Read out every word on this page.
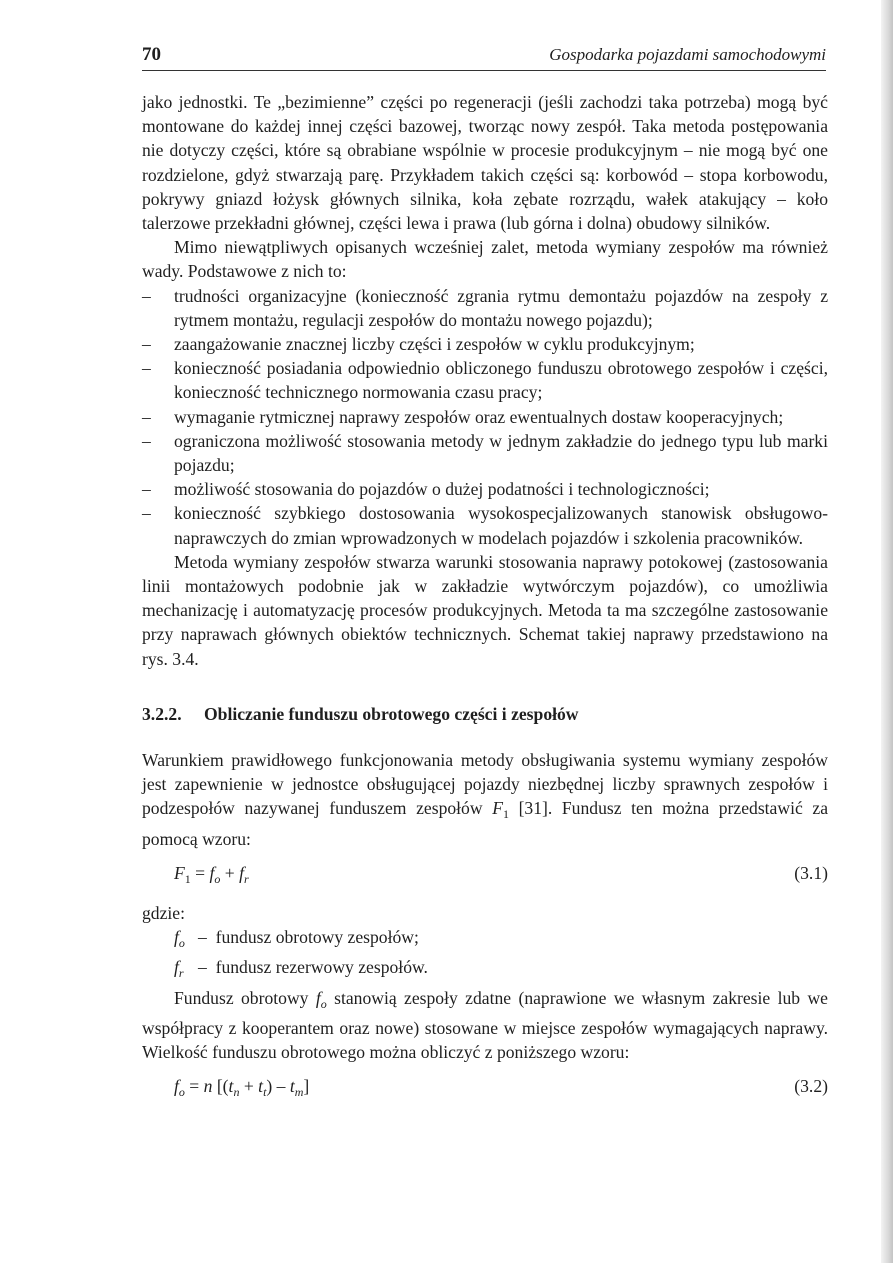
70	Gospodarka pojazdami samochodowymi

jako jednostki. Te „bezimienne” części po regeneracji (jeśli zachodzi taka potrzeba) mogą być montowane do każdej innej części bazowej, tworząc nowy zespół. Taka metoda postępowania nie dotyczy części, które są obrabiane wspólnie w procesie produkcyjnym – nie mogą być one rozdzielone, gdyż stwarzają parę. Przykładem takich części są: korbowód – stopa korbowodu, pokrywy gniazd łożysk głównych silnika, koła zębate rozrządu, wałek atakujący – koło talerzowe przekładni głównej, części lewa i prawa (lub górna i dolna) obudowy silników.

Mimo niewątpliwych opisanych wcześniej zalet, metoda wymiany zespołów ma również wady. Podstawowe z nich to:

– trudności organizacyjne (konieczność zgrania rytmu demontażu pojazdów na zespoły z rytmem montażu, regulacji zespołów do montażu nowego pojazdu);
– zaangażowanie znacznej liczby części i zespołów w cyklu produkcyjnym;
– konieczność posiadania odpowiednio obliczonego funduszu obrotowego zespołów i części, konieczność technicznego normowania czasu pracy;
– wymaganie rytmicznej naprawy zespołów oraz ewentualnych dostaw kooperacyjnych;
– ograniczona możliwość stosowania metody w jednym zakładzie do jednego typu lub marki pojazdu;
– możliwość stosowania do pojazdów o dużej podatności i technologiczności;
– konieczność szybkiego dostosowania wysokospecjalizowanych stanowisk obsługowo-naprawczych do zmian wprowadzonych w modelach pojazdów i szkolenia pracowników.

Metoda wymiany zespołów stwarza warunki stosowania naprawy potokowej (zastosowania linii montażowych podobnie jak w zakładzie wytwórczym pojazdów), co umożliwia mechanizację i automatyzację procesów produkcyjnych. Metoda ta ma szczególne zastosowanie przy naprawach głównych obiektów technicznych. Schemat takiej naprawy przedstawiono na rys. 3.4.

3.2.2. Obliczanie funduszu obrotowego części i zespołów

Warunkiem prawidłowego funkcjonowania metody obsługiwania systemu wymiany zespołów jest zapewnienie w jednostce obsługującej pojazdy niezbędnej liczby sprawnych zespołów i podzespołów nazywanej funduszem zespołów $F_1$ [31]. Fundusz ten można przedstawić za pomocą wzoru:

$F_1 = f_o + f_r$	(3.1)

gdzie:

$f_o$ – fundusz obrotowy zespołów;
$f_r$ – fundusz rezerwowy zespołów.

Fundusz obrotowy $f_o$ stanowią zespoły zdatne (naprawione we własnym zakresie lub we współpracy z kooperantem oraz nowe) stosowane w miejsce zespołów wymagających naprawy. Wielkość funduszu obrotowego można obliczyć z poniższego wzoru:

$f_o = n$ $[(t_n + t_t) - t_m]$	(3.2)
